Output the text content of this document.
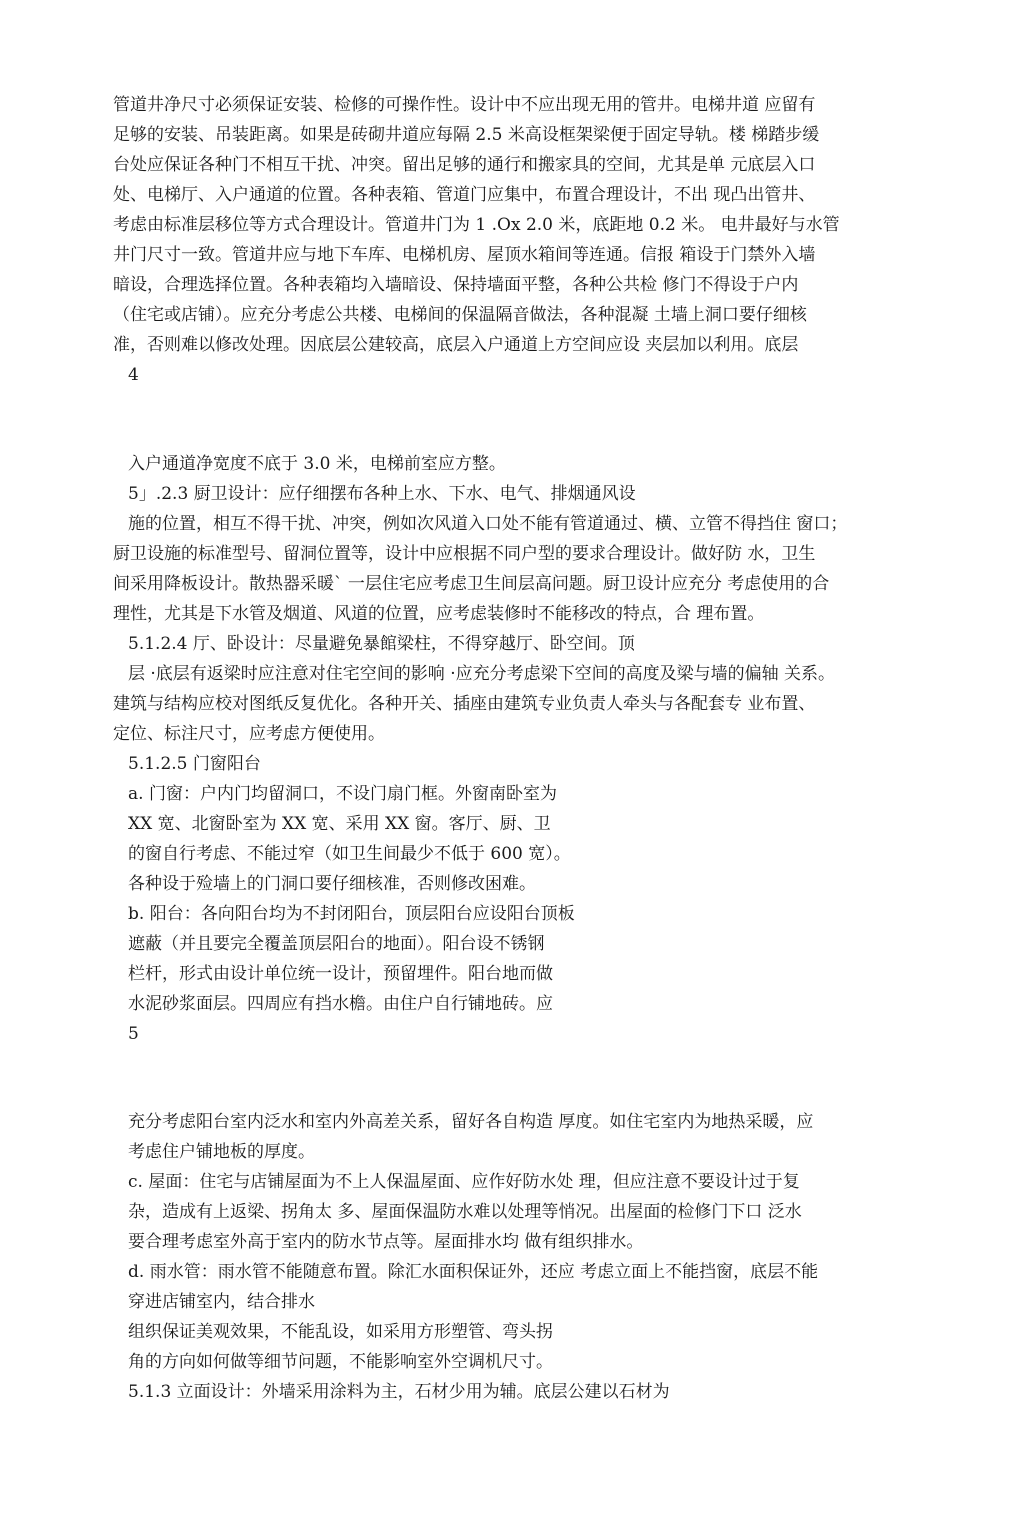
管道井净尺寸必须保证安装、检修的可操作性。设计中不应出现无用的管井。电梯井道 应留有
足够的安装、吊装距离。如果是砖砌井道应每隔 2.5 米高设框架梁便于固定导轨。楼 梯踏步缓
台处应保证各种门不相互干扰、冲突。留出足够的通行和搬家具的空间，尤其是单 元底层入口
处、电梯厅、入户通道的位置。各种表箱、管道门应集中，布置合理设计，不出 现凸出管井、
考虑由标准层移位等方式合理设计。管道井门为 1 .Ox 2.0 米，底距地 0.2 米。 电井最好与水管
井门尺寸一致。管道井应与地下车库、电梯机房、屋顶水箱间等连通。信报 箱设于门禁外入墙
暗设，合理选择位置。各种表箱均入墙暗设、保持墙面平整，各种公共检 修门不得设于户内
（住宅或店铺）。应充分考虑公共楼、电梯间的保温隔音做法，各种混凝 土墙上洞口要仔细核
准，否则难以修改处理。因底层公建较高，底层入户通道上方空间应设 夹层加以利用。底层
4
入户通道净宽度不底于 3.0 米，电梯前室应方整。
5」.2.3 厨卫设计：应仔细摆布各种上水、下水、电气、排烟通风设
施的位置，相互不得干扰、冲突，例如次风道入口处不能有管道通过、横、立管不得挡住 窗口；
厨卫设施的标准型号、留洞位置等，设计中应根据不同户型的要求合理设计。做好防 水，卫生
间采用降板设计。散热器采暖` 一层住宅应考虑卫生间层高问题。厨卫设计应充分 考虑使用的合
理性，尤其是下水管及烟道、风道的位置，应考虑装修时不能移改的特点，合 理布置。
5.1.2.4 厅、卧设计：尽量避免暴館梁柱，不得穿越厅、卧空间。顶
层 ·底层有返梁时应注意对住宅空间的影响 ·应充分考虑梁下空间的高度及梁与墙的偏轴 关系。
建筑与结构应校对图纸反复优化。各种开关、插座由建筑专业负责人牵头与各配套专 业布置、
定位、标注尺寸，应考虑方便使用。
5.1.2.5 门窗阳台
a. 门窗：户内门均留洞口，不设门扇门框。外窗南卧室为
XX 宽、北窗卧室为 XX 宽、采用 XX 窗。客厅、厨、卫
的窗自行考虑、不能过窄（如卫生间最少不低于 600 宽）。
各种设于殓墙上的门洞口要仔细核准，否则修改困难。
b. 阳台：各向阳台均为不封闭阳台，顶层阳台应设阳台顶板
遮蔽（并且要完全覆盖顶层阳台的地面）。阳台设不锈钢
栏杆，形式由设计单位统一设计，预留埋件。阳台地而做
水泥砂浆面层。四周应有挡水檐。由住户自行铺地砖。应
5
充分考虑阳台室内泛水和室内外高差关系，留好各自构造 厚度。如住宅室内为地热采暖，应
考虑住户铺地板的厚度。
c. 屋面：住宅与店铺屋面为不上人保温屋面、应作好防水处 理，但应注意不要设计过于复
杂，造成有上返梁、拐角太 多、屋面保温防水难以处理等悄况。出屋面的检修门下口 泛水
要合理考虑室外高于室内的防水节点等。屋面排水均 做有组织排水。
d. 雨水管：雨水管不能随意布置。除汇水面积保证外，还应 考虑立面上不能挡窗，底层不能
穿进店铺室内，结合排水
组织保证美观效果，不能乱设，如采用方形塑管、弯头拐
角的方向如何做等细节问题，不能影响室外空调机尺寸。
5.1.3 立面设计：外墙采用涂料为主，石材少用为辅。底层公建以石材为
